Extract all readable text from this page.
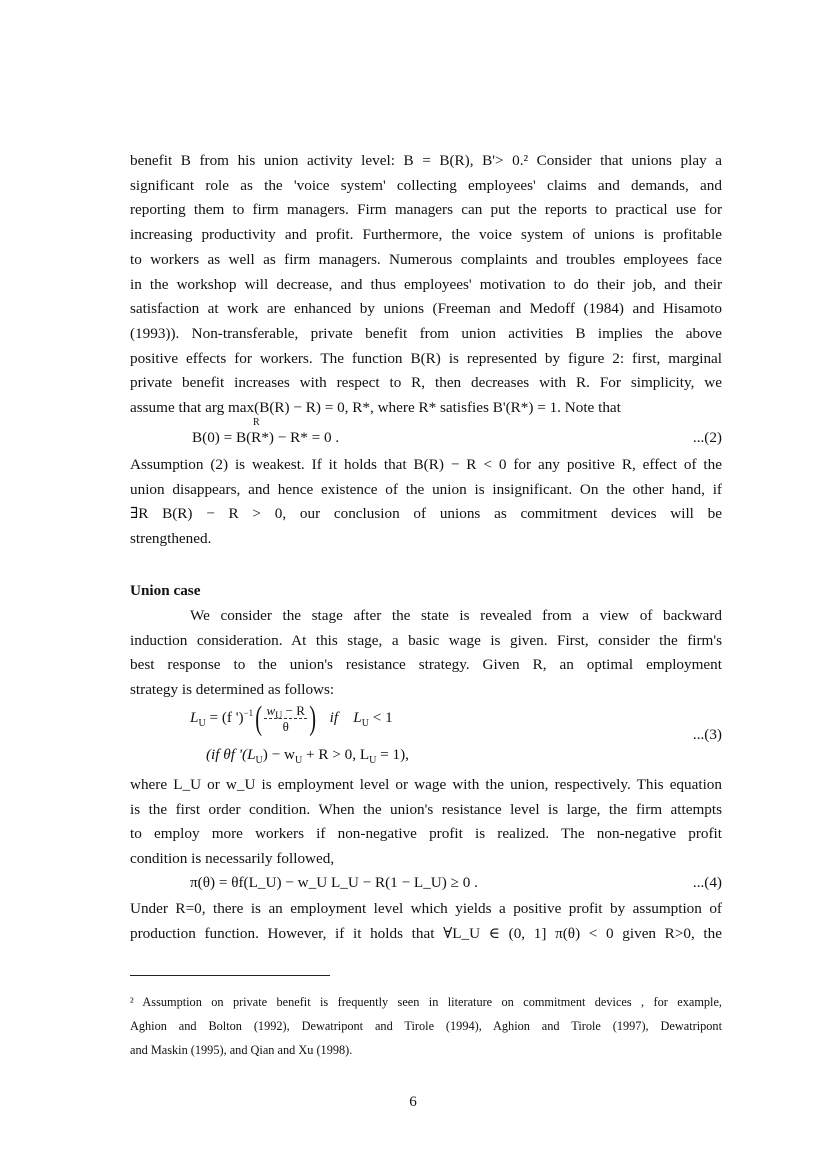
benefit B from his union activity level: B = B(R), B'> 0.² Consider that unions play a
significant role as the 'voice system' collecting employees' claims and demands, and
reporting them to firm managers. Firm managers can put the reports to practical use for
increasing productivity and profit. Furthermore, the voice system of unions is profitable
to workers as well as firm managers. Numerous complaints and troubles employees face
in the workshop will decrease, and thus employees' motivation to do their job, and their
satisfaction at work are enhanced by unions (Freeman and Medoff (1984) and Hisamoto
(1993)). Non-transferable, private benefit from union activities B implies the above
positive effects for workers. The function B(R) is represented by figure 2: first, marginal
private benefit increases with respect to R, then decreases with R. For simplicity, we
assume that arg max(B(R) − R) = 0, R*, where R* satisfies B'(R*) = 1. Note that
R
B(0) = B(R*) − R* = 0 .	...(2)
Assumption (2) is weakest. If it holds that B(R) − R < 0 for any positive R, effect of the
union disappears, and hence existence of the union is insignificant. On the other hand, if
∃R B(R) − R > 0, our conclusion of unions as commitment devices will be
strengthened.
Union case
We consider the stage after the state is revealed from a view of backward
induction consideration. At this stage, a basic wage is given. First, consider the firm's
best response to the union's resistance strategy. Given R, an optimal employment
strategy is determined as follows:
$L_U = (f$ ')$^{-1}( \frac{w_U - R}{\theta}$ ) if $L_U < 1$
(if θf '$(L_U) - w_U + R > 0$, $L_U = 1$),
...(3)
where L_U or w_U is employment level or wage with the union, respectively. This equation
is the first order condition. When the union's resistance level is large, the firm attempts
to employ more workers if non-negative profit is realized. The non-negative profit
condition is necessarily followed,
π(θ) = θf(L_U) − w_U L_U − R(1 − L_U) ≥ 0 .	...(4)
Under R=0, there is an employment level which yields a positive profit by assumption of
production function. However, if it holds that ∀L_U ∈ (0, 1] π(θ) < 0 given R>0, the
² Assumption on private benefit is frequently seen in literature on commitment devices , for example,
Aghion and Bolton (1992), Dewatripont and Tirole (1994), Aghion and Tirole (1997), Dewatripont
and Maskin (1995), and Qian and Xu (1998).
6
